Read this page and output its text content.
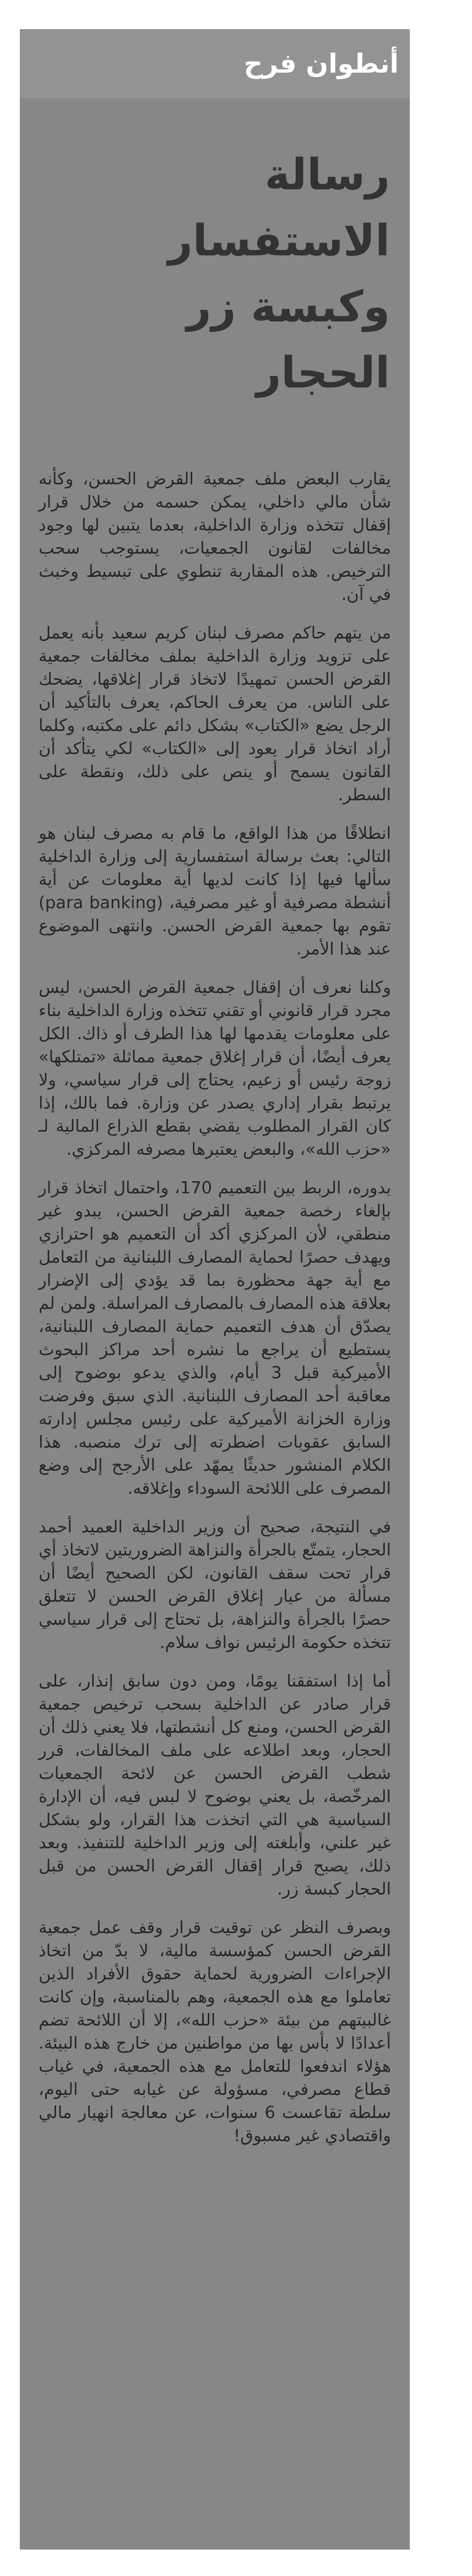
أنطوان فرح
رسالة الاستفسار وكبسة زر الحجار

يقارب البعض ملف جمعية القرض الحسن، وكأنه شأن مالي داخلي، يمكن حسمه من خلال قرار إقفال تتخذه وزارة الداخلية، بعدما يتبين لها وجود مخالفات لقانون الجمعيات، يستوجب سحب الترخيص. هذه المقاربة تنطوي على تبسيط وخبث في آن.

من يتهم حاكم مصرف لبنان كريم سعيد بأنه يعمل على تزويد وزارة الداخلية بملف مخالفات جمعية القرض الحسن تمهيدًا لاتخاذ قرار إغلاقها، يضحك على الناس. من يعرف الحاكم، يعرف بالتأكيد أن الرجل يضع «الكتاب» بشكل دائم على مكتبه، وكلما أراد اتخاذ قرار يعود إلى «الكتاب» لكي يتأكد أن القانون يسمح أو ينص على ذلك، ونقطة على السطر.

انطلاقًا من هذا الواقع، ما قام به مصرف لبنان هو التالي: بعث برسالة استفسارية إلى وزارة الداخلية سألها فيها إذا كانت لديها أية معلومات عن أية أنشطة مصرفية أو غير مصرفية، (para banking) تقوم بها جمعية القرض الحسن. وانتهى الموضوع عند هذا الأمر.

وكلنا نعرف أن إقفال جمعية القرض الحسن، ليس مجرد قرار قانوني أو تقني تتخذه وزارة الداخلية بناء على معلومات يقدمها لها هذا الطرف أو ذاك. الكل يعرف أيضًا، أن قرار إغلاق جمعية مماثلة «تمتلكها» زوجة رئيس أو زعيم، يحتاج إلى قرار سياسي، ولا يرتبط بقرار إداري يصدر عن وزارة. فما بالك، إذا كان القرار المطلوب يقضي بقطع الذراع المالية لـ «حزب الله»، والبعض يعتبرها مصرفه المركزي.

بدوره، الربط بين التعميم 170، واحتمال اتخاذ قرار بإلغاء رخصة جمعية القرض الحسن، يبدو غير منطقي، لأن المركزي أكد أن التعميم هو احترازي ويهدف حصرًا لحماية المصارف اللبنانية من التعامل مع أية جهة محظورة بما قد يؤدي إلى الإضرار بعلاقة هذه المصارف بالمصارف المراسلة. ولمن لم يصدّق أن هدف التعميم حماية المصارف اللبنانية، يستطيع أن يراجع ما نشره أحد مراكز البحوث الأميركية قبل 3 أيام، والذي يدعو بوضوح إلى معاقبة أحد المصارف اللبنانية. الذي سبق وفرضت وزارة الخزانة الأميركية على رئيس مجلس إدارته السابق عقوبات اضطرته إلى ترك منصبه. هذا الكلام المنشور حديثًا يمهّد على الأرجح إلى وضع المصرف على اللائحة السوداء وإغلاقه.

في النتيجة، صحيح أن وزير الداخلية العميد أحمد الحجار، يتمتّع بالجرأة والنزاهة الضروريتين لاتخاذ أي قرار تحت سقف القانون، لكن الصحيح أيضًا أن مسألة من عيار إغلاق القرض الحسن لا تتعلق حصرًا بالجرأة والنزاهة، بل تحتاج إلى قرار سياسي تتخذه حكومة الرئيس نواف سلام.

أما إذا استفقنا يومًا، ومن دون سابق إنذار، على قرار صادر عن الداخلية بسحب ترخيص جمعية القرض الحسن، ومنع كل أنشطتها، فلا يعني ذلك أن الحجار، وبعد اطلاعه على ملف المخالفات، قرر شطب القرض الحسن عن لائحة الجمعيات المرخّصة، بل يعني بوضوح لا لبس فيه، أن الإدارة السياسية هي التي اتخذت هذا القرار، ولو بشكل غير علني، وأبلغته إلى وزير الداخلية للتنفيذ. وبعد ذلك، يصبح قرار إقفال القرض الحسن من قبل الحجار كبسة زر.

وبصرف النظر عن توقيت قرار وقف عمل جمعية القرض الحسن كمؤسسة مالية، لا بدّ من اتخاذ الإجراءات الضرورية لحماية حقوق الأفراد الذين تعاملوا مع هذه الجمعية، وهم بالمناسبة، وإن كانت غالبيتهم من بيئة «حزب الله»، إلا أن اللائحة تضم أعدادًا لا بأس بها من مواطنين من خارج هذه البيئة. هؤلاء اندفعوا للتعامل مع هذه الجمعية، في غياب قطاع مصرفي، مسؤولة عن غيابه حتى اليوم، سلطة تقاعست 6 سنوات، عن معالجة انهيار مالي واقتصادي غير مسبوق!
